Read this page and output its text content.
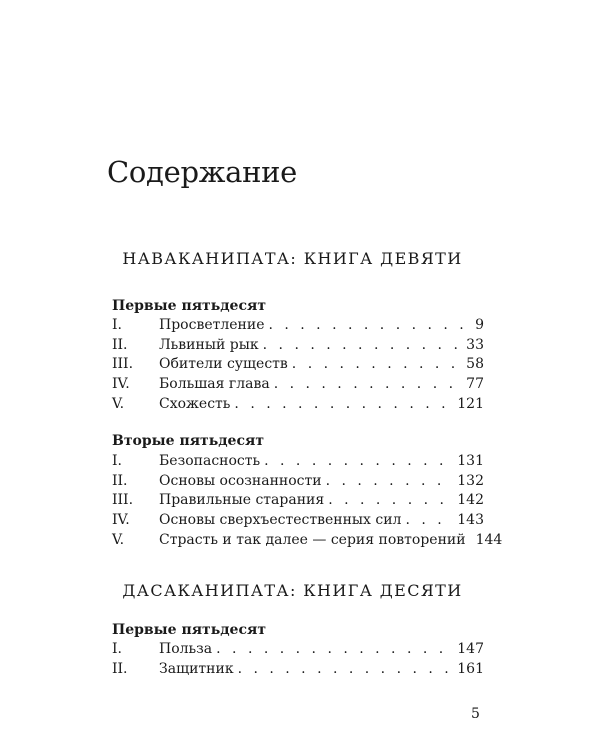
Содержание
НАВАКАНИПАТА: КНИГА ДЕВЯТИ
Первые пятьдесят
I.	Просветление . . .	9
II. Львиный рык . . .	33
III. Обители существ . . .	58
IV. Большая глава . . .	77
V. Схожесть . . .	121
Вторые пятьдесят
I.	Безопасность . . .	131
II. Основы осознанности . . .	132
III. Правильные старания . . .	142
IV. Основы сверхъестественных сил . . .	143
V. Страсть и так далее — серия повторений 144
ДАСАКАНИПАТА: КНИГА ДЕСЯТИ
Первые пятьдесят
I.	Польза . . .	147
II. Защитник . . .	161
5
